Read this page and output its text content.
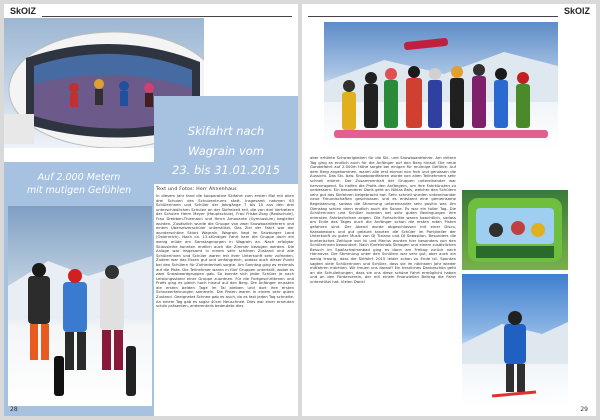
SkOlZ

Skifahrt nach

Wagrain vom

23. bis 31.01.2015

Auf 2.000 Metern
mit mutigen Gefühlen	Text und Fotos: Herr Ahnenhaus
In diesem Jahr fand die kooperative Skifahrt zum ersten Mal mit allen drei Schulen des Schulzentrums statt. Insgesamt nahmen 63 Schülerinnen und Schüler der Jahrgänge 7 bis 10 aus den drei unterschiedlichen Schulen an der Skifreizeit teil, die von drei Vertretern der Schulen Herrn Meyer (Hauptschule), Frau Frisbe-Zorg (Realschule), Frau Drebben-Thiemann und Herrn Amonante (Gymnasium) begleitet wurden. Zusätzlich wurde die Gruppe von zwei Snowboardlehrern und einem Übersetzerschüler unterstützt. Das Ziel der Fahrt war der wunderschöne Skiort Wagrain, Wagrain liegt im Salzburger Land (Österreich). Nach ca. 13-stündiger Fahrt kam die Gruppe doch ein wenig müde am Samstagmorgen in Wagrain an. Nach erfolgter Skiausleihe konnten endlich auch die Zimmer bezogen werden. Die Anlage war insgesamt in einem sehr schönen Zustand und alle Schülerinnen und Schüler waren mit ihrer Unterkunft sehr zufrieden. Zudem war das Essen gut und umfangreich, sodass auch dieser Punkt bei den Schülern für Zufriedenheit sorgte. Am Sonntag ging es erstmals auf die Piste. Die Teilnehmer waren in fünf Gruppen unterteilt, wobei es zwei Snowboardgruppen gab. So konnte sich jeder Schüler je nach Leistungsstand einer Gruppe zuordnen. Für die Fortgeschrittenen und Profis ging es gleich hoch hinauf auf den Berg. Die Anfänger mussten die ersten beiden Tage im Tal bleiben und dort ihre ersten Schneeerfahrungen sammeln. Die Pisten waren in einem sehr guten Zustand. Geeignetet Schnee gab es auch, da es fast jeden Tag schneite. An einem Tag gab es sogar 40cm Neuschnee. Dies war einer erneuten schön präsenten, anderenteils bedeutete dies
28
SkOlZ
aber erhöhte Schwierigkeiten für die Ski- und Snowboardfahrer. Am dritten Tag ging es endlich auch für die Anfänger auf den Berg hinauf. Die neue Gondelfahrt auf 2.000m Höhe sorgte bei einigen für mulmige Gefühle. Auf dem Berg angekommen, waren alle erst einmal von froh und genossen die Aussicht. Das Ski- bzw. Snowboardfahren wurde von allen Teilnehmern sehr schnell erlernt. Der Zusammenhalt der Gruppen untereinander war hervorragend. So halfen die Profis den Anfängern, um ihre Fahrkünsten zu verbessern. Ein besonderer Dank geht an Niklas Bals, welcher den Schülern sehr gut das Skifahren beigebracht hat. Sehr schnell wurden untereinander neue Freundschaften geschlossen und es entstand eine gemeinsame Begeisterung, sodass die Stimmung untereinander sehr positiv war. Am Dienstag schien dann endlich auch die Sonne. Es war ein toller Tag. Die Schülerinnen und Schüler konnten bei sehr guten Bedingungen ihre erlernten Fahrtechniken zeigen. Die Fortschritte waren beachtlich, sodass am Ende des Tages auch die Anfänger schon die ersten roten Pisten gefahren sind. Der Abend wurde abgeschlossen mit einer Disco, Karaokestars und gut gelaunt tanzten die Schüler im Partykeller der Unterkunft zu guter Musik von DJ Tiziano und DJ Sebastian. Besonders die bunterisches Zeitlupe von Ivi und Marius wurden hier besonders von den Schülerinnen bewundert. Nach fünfeinhalb Skitagen und einem zusätzlichen Besuch im Spaßschwimmbad ging es dann am Freitag zurück nach Hannover. Die Stimmung unter den Schülern war sehr gut, aber auch ein wenig traurig, dass die Skifahrt 2015 leider schon zu Ende ist. Spontan sagten viele Schülerinnen und Schüler, dass sie im nächsten Jahr wieder mitfahren möchten. Wir freuen uns darauf! Ein herzliches Dankeschön geht an die Schulleitungen, dass sie uns diese schöne Fahrt ermöglicht haben und an den Förderverein, der mit einem finanziellen Beitrag die Fahrt unterstützt hat. Vielen Dank!
29
